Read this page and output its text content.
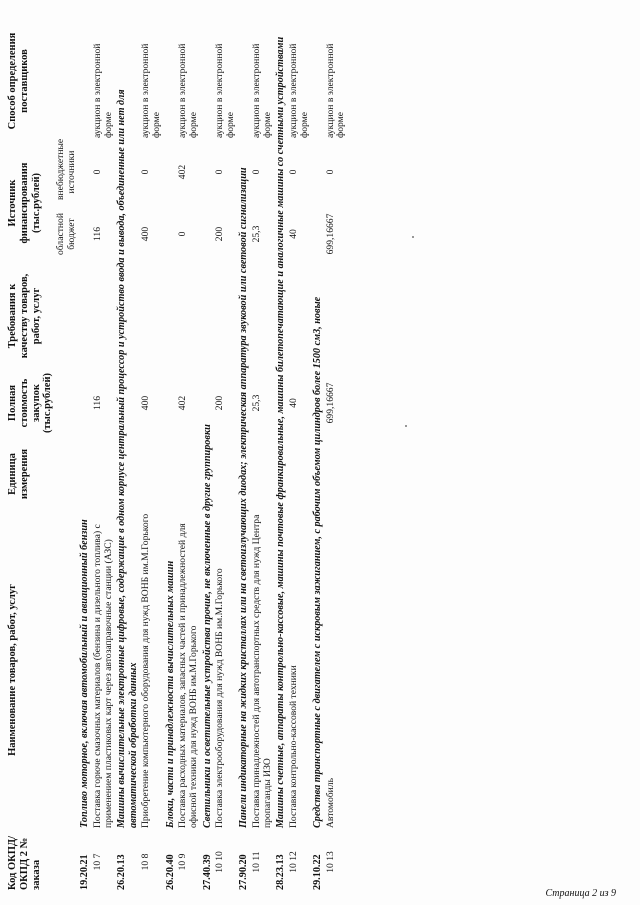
Код ОКПД/ ОКПД 2 № заказа	Наименование товаров, работ, услуг	Единица измерения	Полная стоимость закупок (тыс.рублей)	Требования к качеству товаров, работ, услуг	Источник финансирования (тыс.рублей)		Способ определения поставщиков
					областной бюджет	внебюджетные источники	
19.20.21	Топливо моторное, включая автомобильный и авиационный бензин						
10 7	Поставка горюче смазочных материалов (бензина и дизельного топлива) с применением пластиковых карт через автозаправочные станции (АЗС)		116		116	0	аукцион в электронной форме
26.20.13	Машины вычислительные электронные цифровые, содержащие в одном корпусе центральный процессор и устройство ввода и вывода, объединенные или нет для автоматической обработки данных						
10 8	Приобретение компьютерного оборудования для нужд ВОНБ им.М.Горького		400		400	0	аукцион в электронной форме
26.20.40	Блоки, части и принадлежности вычислительных машин						
10 9	Поставка расходных материалов, запасных частей и принадлежностей для офисной техники для нужд ВОНБ им.М.Горького		402		0	402	аукцион в электронной форме
27.40.39	Светильники и осветительные устройства прочие, не включенные в другие группировки						
10 10	Поставка электрооборудования для нужд ВОНБ им.М.Горького		200		200	0	аукцион в электронной форме
27.90.20	Панели индикаторные на жидких кристаллах или на светоизлучающих диодах; электрическая аппаратура звуковой или световой сигнализации						
10 11	Поставка принадлежностей для автотранспортных средств для нужд Центра пропаганды ИЗО		25,3		25,3	0	аукцион в электронной форме
28.23.13	Машины счетные, аппараты контрольно-кассовые, машины почтовые франкировальные, машины билетопечатающие и аналогичные машины со счетными устройствами						
10 12	Поставка контрольно-кассовой техники		40		40	0	аукцион в электронной форме
29.10.22	Средства транспортные с двигателем с искровым зажиганием, с рабочим объемом цилиндров более 1500 см3, новые						
10 13	Автомобиль		699,16667		699,16667	0	аукцион в электронной форме
Страница 2 из 9
